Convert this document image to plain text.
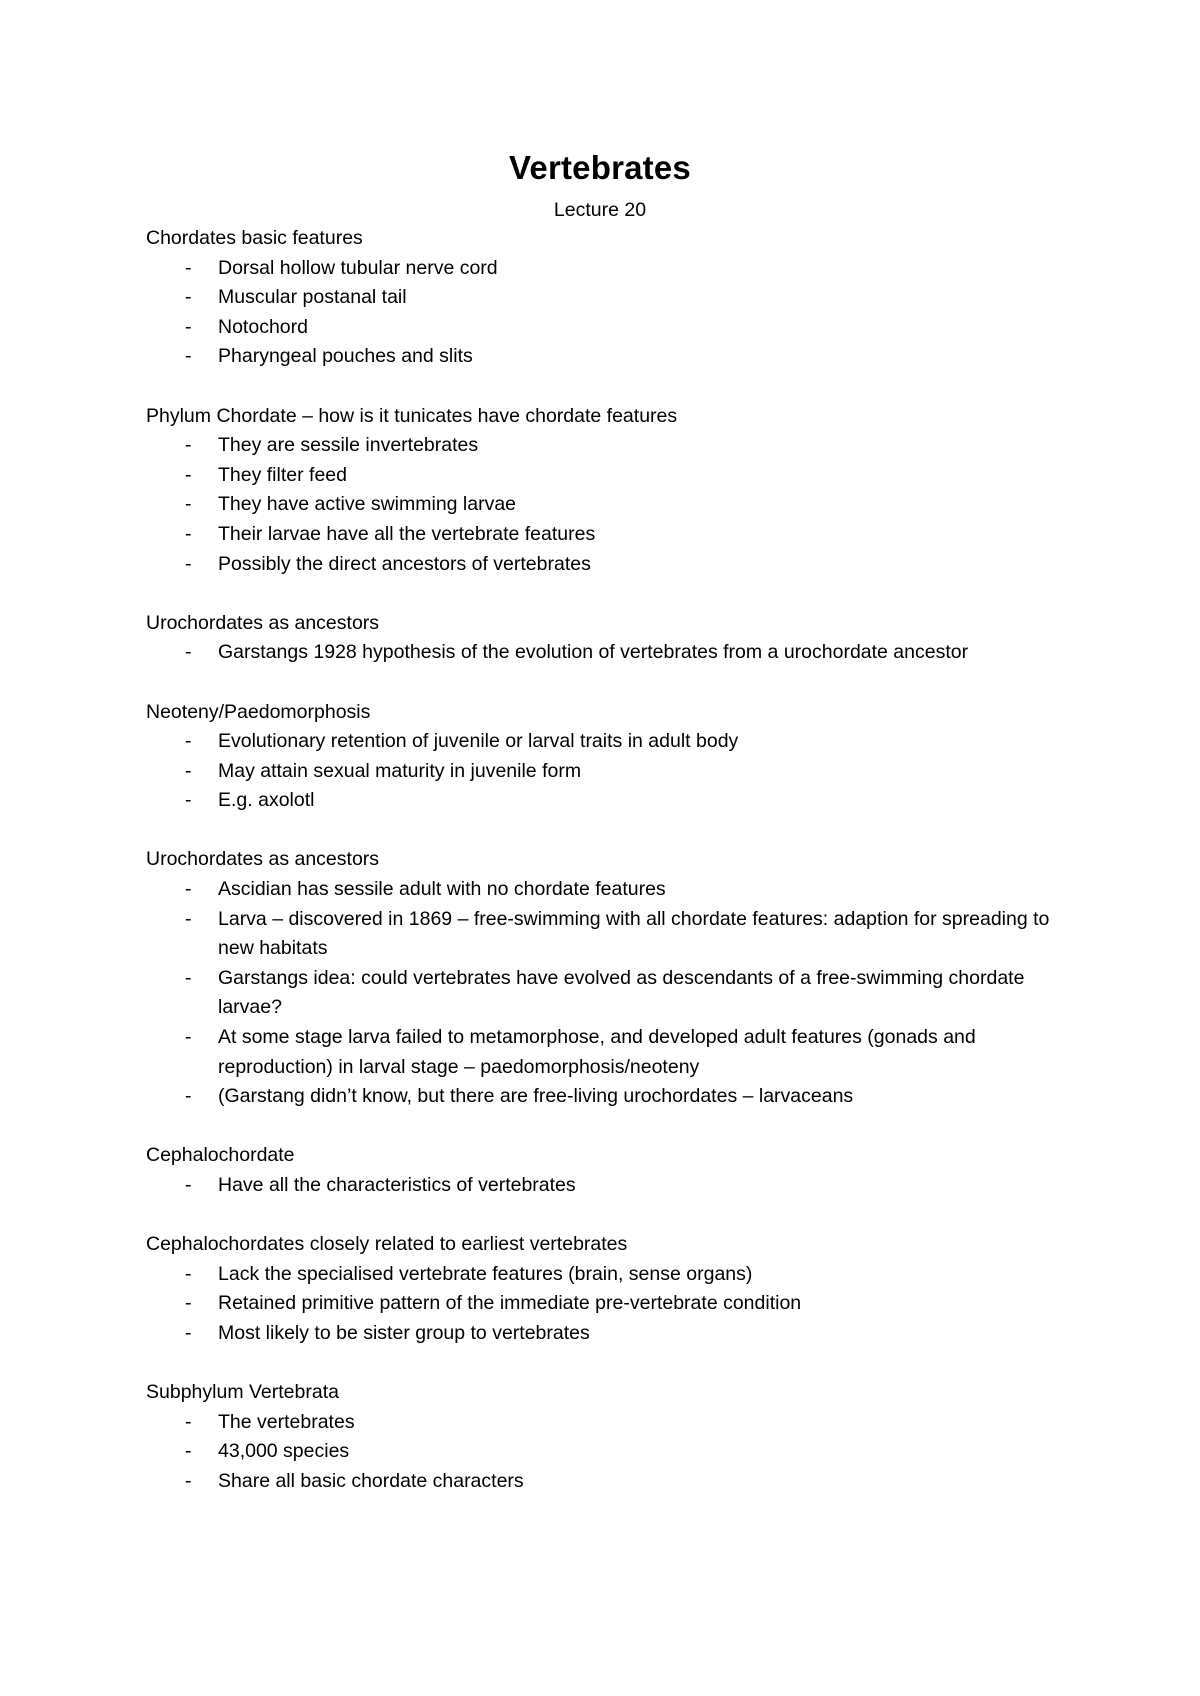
Vertebrates
Lecture 20
Chordates basic features
- Dorsal hollow tubular nerve cord
- Muscular postanal tail
- Notochord
- Pharyngeal pouches and slits
Phylum Chordate – how is it tunicates have chordate features
- They are sessile invertebrates
- They filter feed
- They have active swimming larvae
- Their larvae have all the vertebrate features
- Possibly the direct ancestors of vertebrates
Urochordates as ancestors
- Garstangs 1928 hypothesis of the evolution of vertebrates from a urochordate ancestor
Neoteny/Paedomorphosis
- Evolutionary retention of juvenile or larval traits in adult body
- May attain sexual maturity in juvenile form
- E.g. axolotl
Urochordates as ancestors
- Ascidian has sessile adult with no chordate features
- Larva – discovered in 1869 – free-swimming with all chordate features: adaption for spreading to new habitats
- Garstangs idea: could vertebrates have evolved as descendants of a free-swimming chordate larvae?
- At some stage larva failed to metamorphose, and developed adult features (gonads and reproduction) in larval stage – paedomorphosis/neoteny
- (Garstang didn’t know, but there are free-living urochordates – larvaceans
Cephalochordate
- Have all the characteristics of vertebrates
Cephalochordates closely related to earliest vertebrates
- Lack the specialised vertebrate features (brain, sense organs)
- Retained primitive pattern of the immediate pre-vertebrate condition
- Most likely to be sister group to vertebrates
Subphylum Vertebrata
- The vertebrates
- 43,000 species
- Share all basic chordate characters
